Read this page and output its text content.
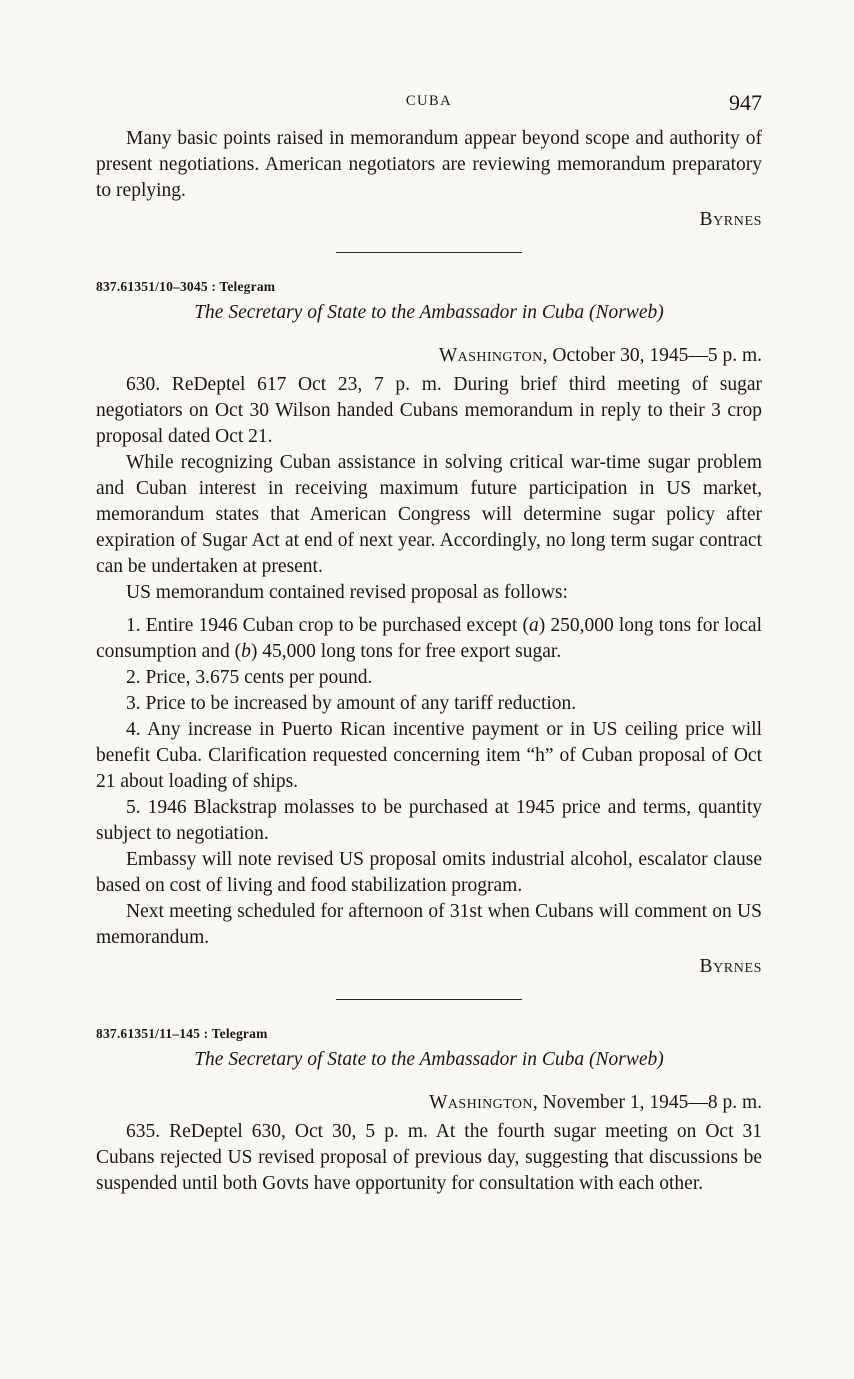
CUBA	947

Many basic points raised in memorandum appear beyond scope and authority of present negotiations. American negotiators are reviewing memorandum preparatory to replying.

Byrnes

837.61351/10–3045 : Telegram

The Secretary of State to the Ambassador in Cuba (Norweb)

Washington, October 30, 1945—5 p. m.

630. ReDeptel 617 Oct 23, 7 p. m. During brief third meeting of sugar negotiators on Oct 30 Wilson handed Cubans memorandum in reply to their 3 crop proposal dated Oct 21.

While recognizing Cuban assistance in solving critical war-time sugar problem and Cuban interest in receiving maximum future participation in US market, memorandum states that American Congress will determine sugar policy after expiration of Sugar Act at end of next year. Accordingly, no long term sugar contract can be undertaken at present.

US memorandum contained revised proposal as follows:

1. Entire 1946 Cuban crop to be purchased except (a) 250,000 long tons for local consumption and (b) 45,000 long tons for free export sugar.

2. Price, 3.675 cents per pound.

3. Price to be increased by amount of any tariff reduction.

4. Any increase in Puerto Rican incentive payment or in US ceiling price will benefit Cuba. Clarification requested concerning item “h” of Cuban proposal of Oct 21 about loading of ships.

5. 1946 Blackstrap molasses to be purchased at 1945 price and terms, quantity subject to negotiation.

Embassy will note revised US proposal omits industrial alcohol, escalator clause based on cost of living and food stabilization program.

Next meeting scheduled for afternoon of 31st when Cubans will comment on US memorandum.

Byrnes

837.61351/11–145 : Telegram

The Secretary of State to the Ambassador in Cuba (Norweb)

Washington, November 1, 1945—8 p. m.

635. ReDeptel 630, Oct 30, 5 p. m. At the fourth sugar meeting on Oct 31 Cubans rejected US revised proposal of previous day, suggesting that discussions be suspended until both Govts have opportunity for consultation with each other.
